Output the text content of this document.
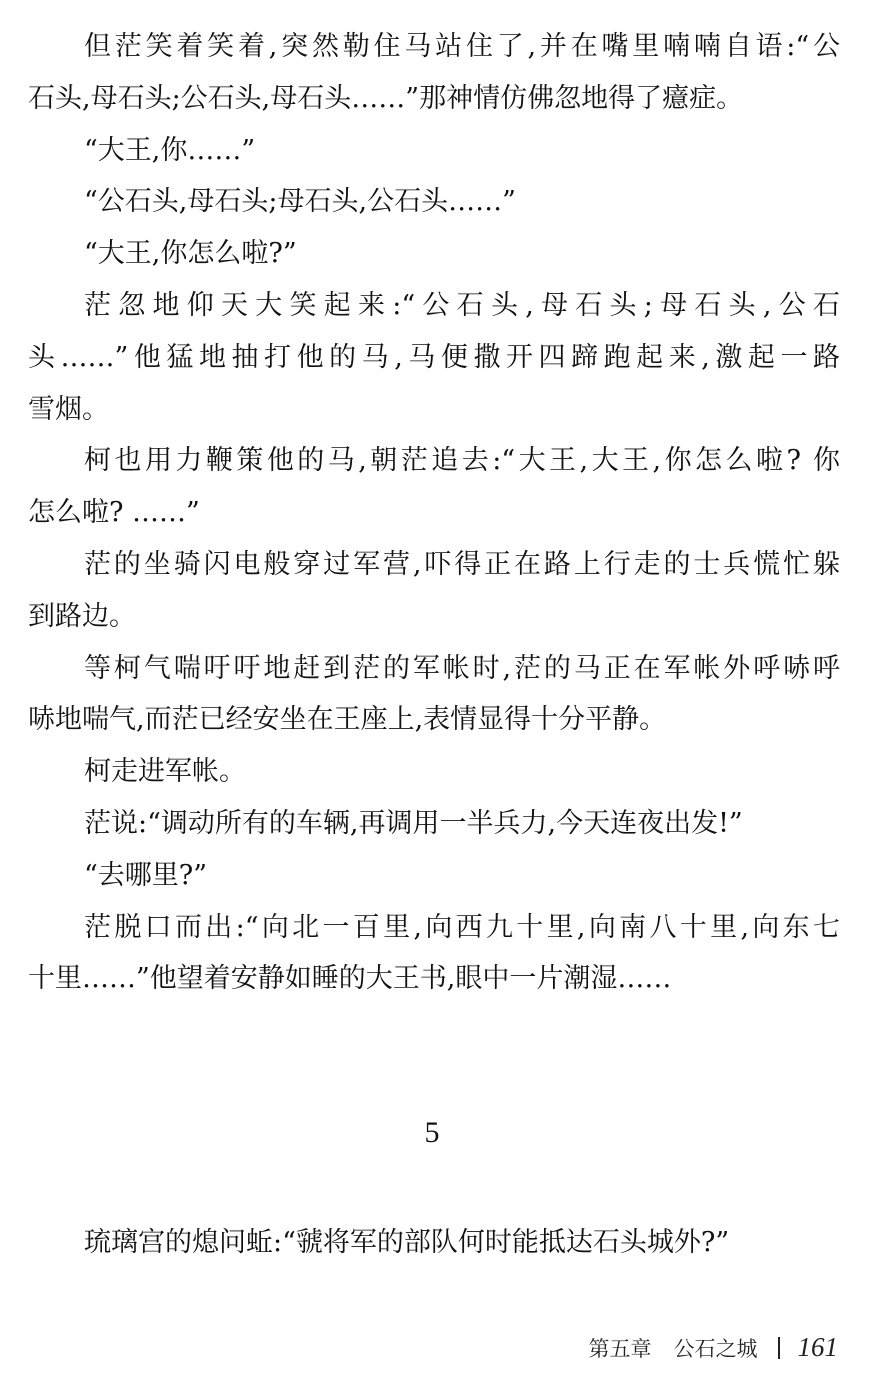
但茫笑着笑着,突然勒住马站住了,并在嘴里喃喃自语:“公
石头,母石头;公石头,母石头……”那神情仿佛忽地得了癔症。
“大王,你……”
“公石头,母石头;母石头,公石头……”
“大王,你怎么啦?”
茫忽地仰天大笑起来:“公石头,母石头;母石头,公石
头……”他猛地抽打他的马,马便撒开四蹄跑起来,激起一路
雪烟。
柯也用力鞭策他的马,朝茫追去:“大王,大王,你怎么啦? 你
怎么啦? ……”
茫的坐骑闪电般穿过军营,吓得正在路上行走的士兵慌忙躲
到路边。
等柯气喘吁吁地赶到茫的军帐时,茫的马正在军帐外呼哧呼
哧地喘气,而茫已经安坐在王座上,表情显得十分平静。
柯走进军帐。
茫说:“调动所有的车辆,再调用一半兵力,今天连夜出发!”
“去哪里?”
茫脱口而出:“向北一百里,向西九十里,向南八十里,向东七
十里……”他望着安静如睡的大王书,眼中一片潮湿……
5
琉璃宫的熄问蚯:“虢将军的部队何时能抵达石头城外?”
第五章 公石之城 161
